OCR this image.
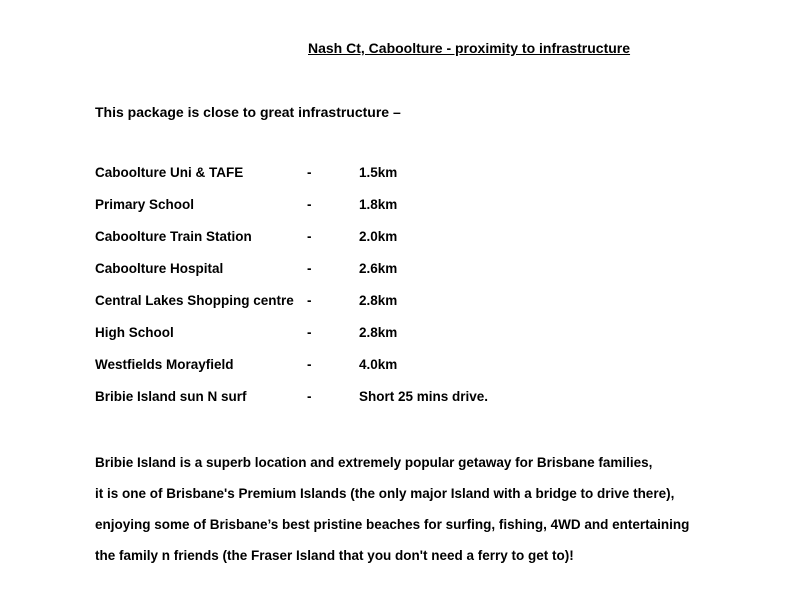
Nash Ct, Caboolture - proximity to infrastructure
This package is close to great infrastructure –
Caboolture Uni & TAFE	-	1.5km
Primary School	-	1.8km
Caboolture Train Station	-	2.0km
Caboolture Hospital	-	2.6km
Central Lakes Shopping centre -	2.8km
High School	-	2.8km
Westfields Morayfield	-	4.0km
Bribie Island sun N surf	-	Short 25 mins drive.
Bribie Island is a superb location and extremely popular getaway for Brisbane families,
it is one of Brisbane's Premium Islands (the only major Island with a bridge to drive there),
enjoying some of Brisbane’s best pristine beaches for surfing, fishing, 4WD and entertaining
the family n friends (the Fraser Island that you don't need a ferry to get to)!
